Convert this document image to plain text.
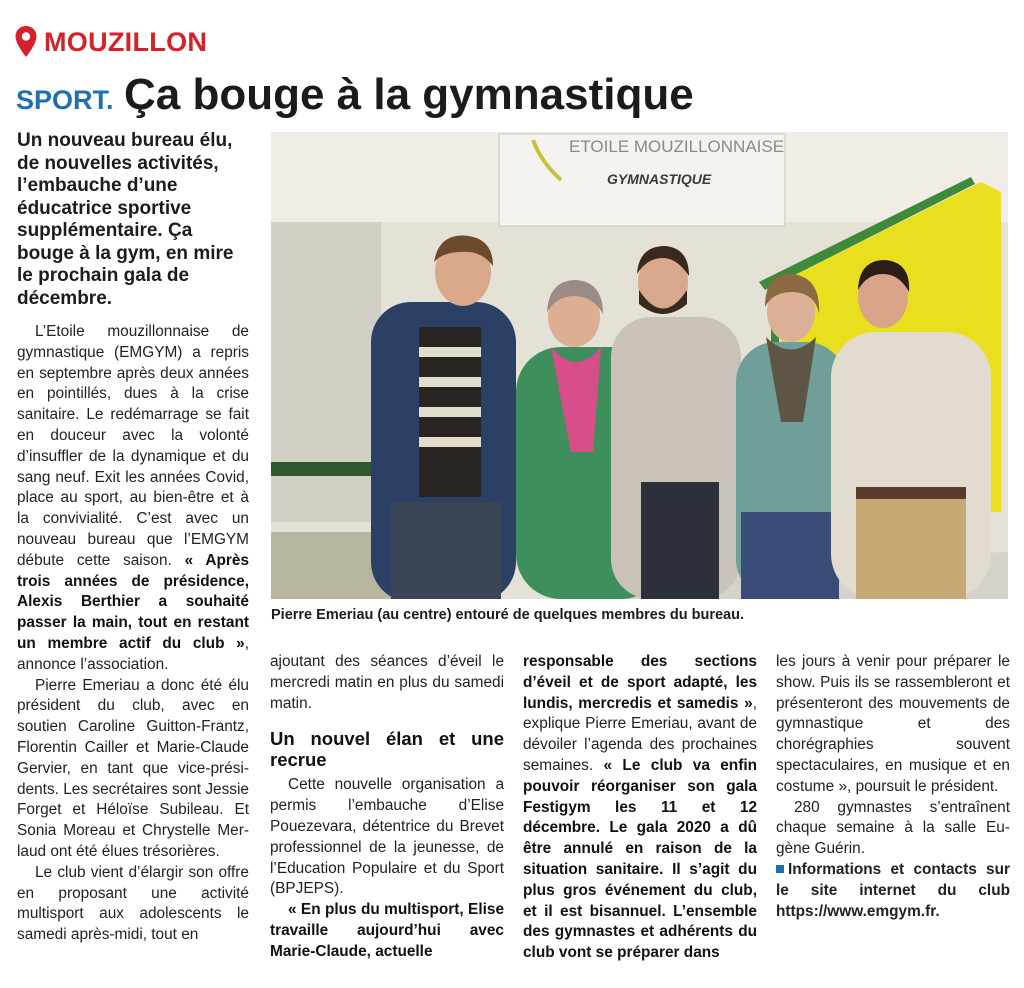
MOUZILLON
SPORT. Ça bouge à la gymnastique
Un nouveau bureau élu, de nouvelles activités, l’embauche d’une éducatrice sportive supplémentaire. Ça bouge à la gym, en mire le prochain gala de décembre.
ETOILE MOUZILLONNAISE
GYMNASTIQUE
Pierre Emeriau (au centre) entouré de quelques membres du bureau.

L’Etoile mouzillonnaise de gymnastique (EMGYM) a repris en septembre après deux années en pointillés, dues à la crise sanitaire. Le redémarrage se fait en douceur avec la volonté d’insuffler de la dynamique et du sang neuf. Exit les années Covid, place au sport, au bien-être et à la convivialité. C’est avec un nouveau bureau que l’EMGYM débute cette saison. « Après trois années de présidence, Alexis Berthier a souhaité passer la main, tout en restant un membre actif du club », annonce l’association.

Pierre Emeriau a donc été élu président du club, avec en soutien Caroline Guitton-Frantz, Florentin Cailler et Marie-Claude Gervier, en tant que vice-présidents. Les secrétaires sont Jessie Forget et Héloïse Subileau. Et Sonia Moreau et Chrystelle Merlaud ont été élues trésorières.

Le club vient d’élargir son offre en proposant une activité multisport aux adolescents le samedi après-midi, tout en

ajoutant des séances d’éveil le mercredi matin en plus du samedi matin.

Un nouvel élan et une recrue

Cette nouvelle organisation a permis l’embauche d’Elise Pouezevara, détentrice du Brevet professionnel de la jeunesse, de l’Education Populaire et du Sport (BPJEPS).

« En plus du multisport, Elise travaille aujourd’hui avec Marie-Claude, actuelle

responsable des sections d’éveil et de sport adapté, les lundis, mercredis et samedis », explique Pierre Emeriau, avant de dévoiler l’agenda des prochaines semaines. « Le club va enfin pouvoir réorganiser son gala Festigym les 11 et 12 décembre. Le gala 2020 a dû être annulé en raison de la situation sanitaire. Il s’agit du plus gros événement du club, et il est bisannuel. L’ensemble des gymnastes et adhérents du club vont se préparer dans

les jours à venir pour préparer le show. Puis ils se rassembleront et présenteront des mouvements de gymnastique et des chorégraphies souvent spectaculaires, en musique et en costume », poursuit le président.

280 gymnastes s’entraînent chaque semaine à la salle Eugène Guérin.

Informations et contacts sur le site internet du club https://www.emgym.fr.
